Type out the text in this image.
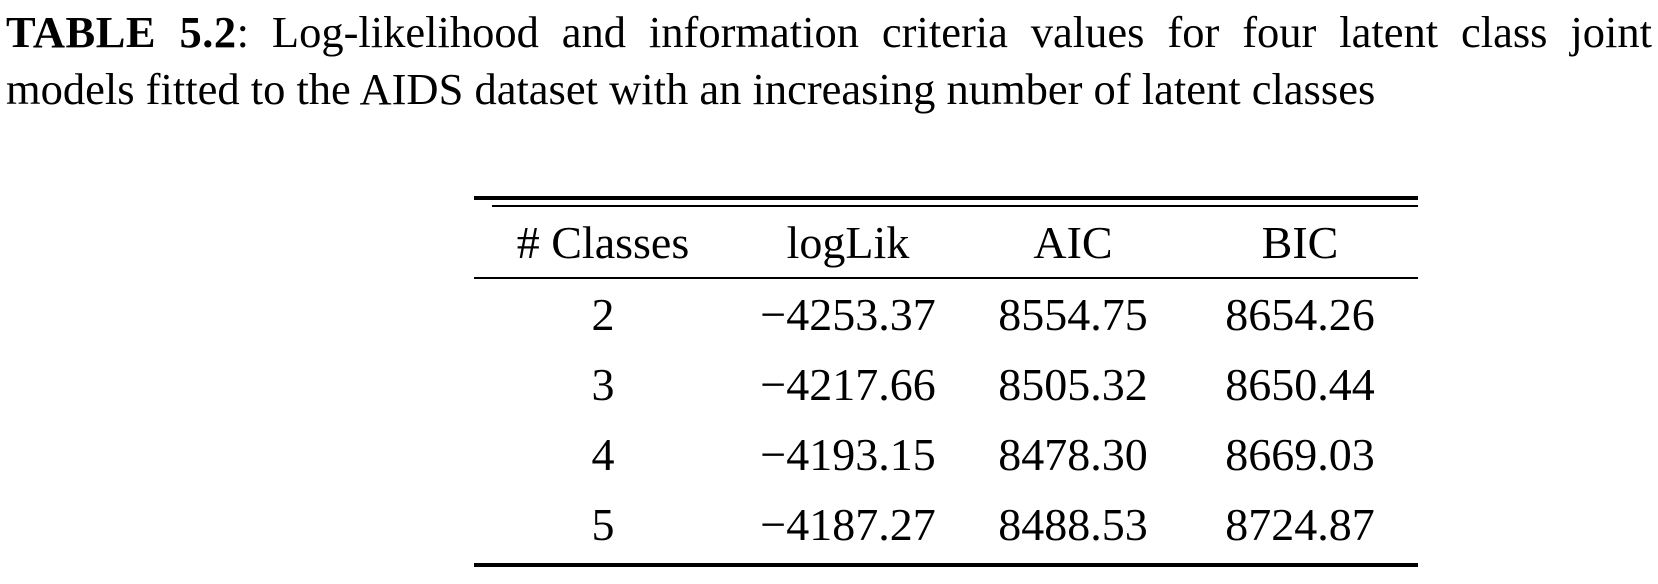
TABLE 5.2: Log-likelihood and information criteria values for four latent class joint models fitted to the AIDS dataset with an increasing number of latent classes
# Classes	logLik	AIC	BIC
2	−4253.37	8554.75	8654.26
3	−4217.66	8505.32	8650.44
4	−4193.15	8478.30	8669.03
5	−4187.27	8488.53	8724.87
